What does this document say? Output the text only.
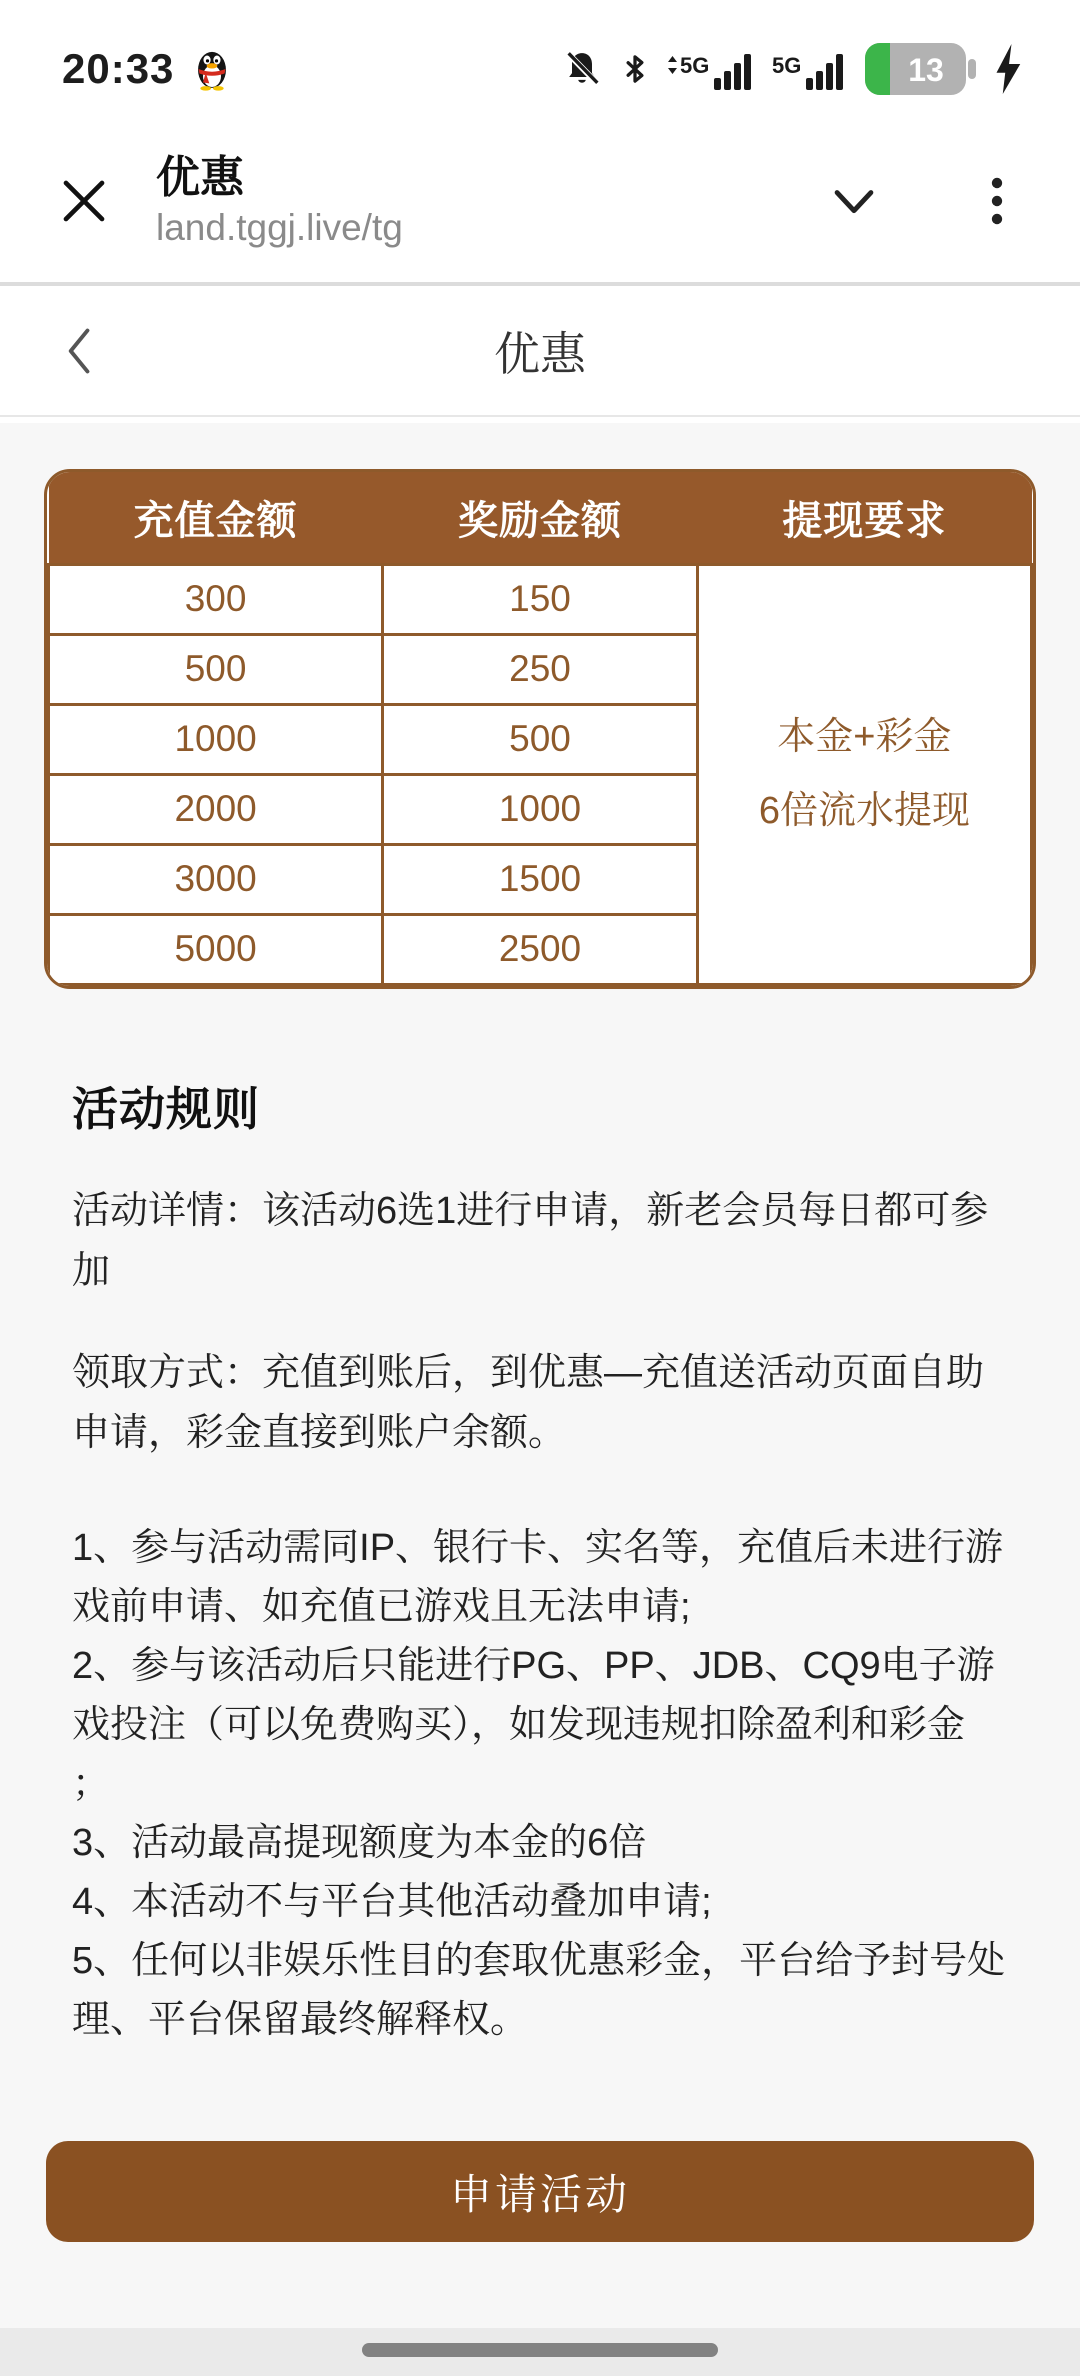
20:33	5G	5G	13
优惠
land.tggj.live/tg
优惠
充值金额	奖励金额	提现要求
300	150	本金+彩金
6倍流水提现

500	250	
1000	500	
2000	1000	
3000	1500	
5000	2500	
活动规则
活动详情：该活动6选1进行申请，新老会员每日都可参加
领取方式：充值到账后，到优惠—充值送活动页面自助申请，彩金直接到账户余额。
1、参与活动需同IP、银行卡、实名等，充值后未进行游戏前申请、如充值已游戏且无法申请;
2、参与该活动后只能进行PG、PP、JDB、CQ9电子游戏投注（可以免费购买），如发现违规扣除盈利和彩金 ；
3、活动最高提现额度为本金的6倍
4、本活动不与平台其他活动叠加申请;
5、任何以非娱乐性目的套取优惠彩金，平台给予封号处理、平台保留最终解释权。
申请活动
